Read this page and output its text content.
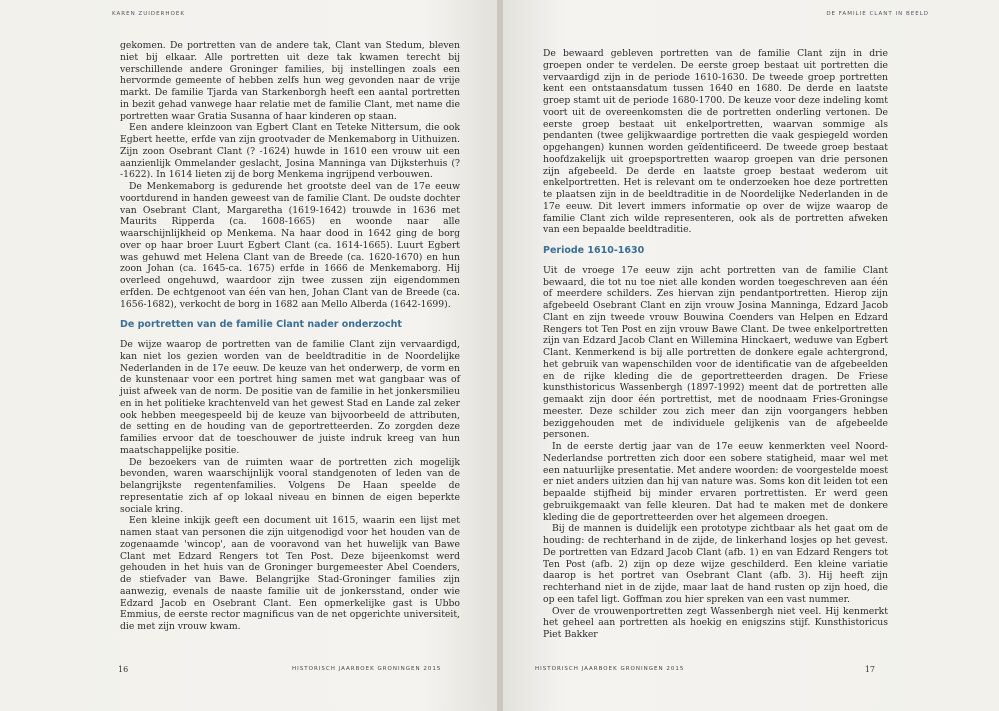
KAREN ZUIDERHOEK

gekomen. De portretten van de andere tak, Clant van Stedum, bleven niet bij elkaar. Alle portretten uit deze tak kwamen terecht bij verschillende andere Groninger families, bij instellingen zoals een hervormde gemeente of hebben zelfs hun weg gevonden naar de vrije markt. De familie Tjarda van Starkenborgh heeft een aantal portretten in bezit gehad vanwege haar relatie met de familie Clant, met name die portretten waar Gratia Susanna of haar kinderen op staan.

Een andere kleinzoon van Egbert Clant en Teteke Nittersum, die ook Egbert heette, erfde van zijn grootvader de Menkemaborg in Uithuizen. Zijn zoon Osebrant Clant (? -1624) huwde in 1610 een vrouw uit een aanzienlijk Ommelander geslacht, Josina Manninga van Dijksterhuis (? -1622). In 1614 lieten zij de borg Menkema ingrijpend verbouwen.

De Menkemaborg is gedurende het grootste deel van de 17e eeuw voortdurend in handen geweest van de familie Clant. De oudste dochter van Osebrant Clant, Margaretha (1619-1642) trouwde in 1636 met Maurits Ripperda (ca. 1608-1665) en woonde naar alle waarschijnlijkheid op Menkema. Na haar dood in 1642 ging de borg over op haar broer Luurt Egbert Clant (ca. 1614-1665). Luurt Egbert was gehuwd met Helena Clant van de Breede (ca. 1620-1670) en hun zoon Johan (ca. 1645-ca. 1675) erfde in 1666 de Menkemaborg. Hij overleed ongehuwd, waardoor zijn twee zussen zijn eigendommen erfden. De echtgenoot van één van hen, Johan Clant van de Breede (ca. 1656-1682), verkocht de borg in 1682 aan Mello Alberda (1642-1699).

De portretten van de familie Clant nader onderzocht

De wijze waarop de portretten van de familie Clant zijn vervaardigd, kan niet los gezien worden van de beeldtraditie in de Noordelijke Nederlanden in de 17e eeuw. De keuze van het onderwerp, de vorm en de kunstenaar voor een portret hing samen met wat gangbaar was of juist afweek van de norm. De positie van de familie in het jonkersmilieu en in het politieke krachtenveld van het gewest Stad en Lande zal zeker ook hebben meegespeeld bij de keuze van bijvoorbeeld de attributen, de setting en de houding van de geportretteerden. Zo zorgden deze families ervoor dat de toeschouwer de juiste indruk kreeg van hun maatschappelijke positie.

De bezoekers van de ruimten waar de portretten zich mogelijk bevonden, waren waarschijnlijk vooral standgenoten of leden van de belangrijkste regentenfamilies. Volgens De Haan speelde de representatie zich af op lokaal niveau en binnen de eigen beperkte sociale kring.

Een kleine inkijk geeft een document uit 1615, waarin een lijst met namen staat van personen die zijn uitgenodigd voor het houden van de zogenaamde 'wincop', aan de vooravond van het huwelijk van Bawe Clant met Edzard Rengers tot Ten Post. Deze bijeenkomst werd gehouden in het huis van de Groninger burgemeester Abel Coenders, de stiefvader van Bawe. Belangrijke Stad-Groninger families zijn aanwezig, evenals de naaste familie uit de jonkersstand, onder wie Edzard Jacob en Osebrant Clant. Een opmerkelijke gast is Ubbo Emmius, de eerste rector magnificus van de net opgerichte universiteit, die met zijn vrouw kwam.

16	HISTORISCH JAARBOEK GRONINGEN 2015
DE FAMILIE CLANT IN BEELD

De bewaard gebleven portretten van de familie Clant zijn in drie groepen onder te verdelen. De eerste groep bestaat uit portretten die vervaardigd zijn in de periode 1610-1630. De tweede groep portretten kent een ontstaansdatum tussen 1640 en 1680. De derde en laatste groep stamt uit de periode 1680-1700. De keuze voor deze indeling komt voort uit de overeenkomsten die de portretten onderling vertonen. De eerste groep bestaat uit enkelportretten, waarvan sommige als pendanten (twee gelijkwaardige portretten die vaak gespiegeld worden opgehangen) kunnen worden geïdentificeerd. De tweede groep bestaat hoofdzakelijk uit groepsportretten waarop groepen van drie personen zijn afgebeeld. De derde en laatste groep bestaat wederom uit enkelportretten. Het is relevant om te onderzoeken hoe deze portretten te plaatsen zijn in de beeldtraditie in de Noordelijke Nederlanden in de 17e eeuw. Dit levert immers informatie op over de wijze waarop de familie Clant zich wilde representeren, ook als de portretten afweken van een bepaalde beeldtraditie.

Periode 1610-1630

Uit de vroege 17e eeuw zijn acht portretten van de familie Clant bewaard, die tot nu toe niet alle konden worden toegeschreven aan één of meerdere schilders. Zes hiervan zijn pendantportretten. Hierop zijn afgebeeld Osebrant Clant en zijn vrouw Josina Manninga, Edzard Jacob Clant en zijn tweede vrouw Bouwina Coenders van Helpen en Edzard Rengers tot Ten Post en zijn vrouw Bawe Clant. De twee enkelportretten zijn van Edzard Jacob Clant en Willemina Hinckaert, weduwe van Egbert Clant. Kenmerkend is bij alle portretten de donkere egale achtergrond, het gebruik van wapenschilden voor de identificatie van de afgebeelden en de rijke kleding die de geportretteerden dragen. De Friese kunsthistoricus Wassenbergh (1897-1992) meent dat de portretten alle gemaakt zijn door één portrettist, met de noodnaam Fries-Groningse meester. Deze schilder zou zich meer dan zijn voorgangers hebben beziggehouden met de individuele gelijkenis van de afgebeelde personen.

In de eerste dertig jaar van de 17e eeuw kenmerkten veel Noord-Nederlandse portretten zich door een sobere statigheid, maar wel met een natuurlijke presentatie. Met andere woorden: de voorgestelde moest er niet anders uitzien dan hij van nature was. Soms kon dit leiden tot een bepaalde stijfheid bij minder ervaren portrettisten. Er werd geen gebruikgemaakt van felle kleuren. Dat had te maken met de donkere kleding die de geportretteerden over het algemeen droegen.

Bij de mannen is duidelijk een prototype zichtbaar als het gaat om de houding: de rechterhand in de zijde, de linkerhand losjes op het gevest. De portretten van Edzard Jacob Clant (afb. 1) en van Edzard Rengers tot Ten Post (afb. 2) zijn op deze wijze geschilderd. Een kleine variatie daarop is het portret van Osebrant Clant (afb. 3). Hij heeft zijn rechterhand niet in de zijde, maar laat de hand rusten op zijn hoed, die op een tafel ligt. Goffman zou hier spreken van een vast nummer.

Over de vrouwenportretten zegt Wassenbergh niet veel. Hij kenmerkt het geheel aan portretten als hoekig en enigszins stijf. Kunsthistoricus Piet Bakker

HISTORISCH JAARBOEK GRONINGEN 2015	17
